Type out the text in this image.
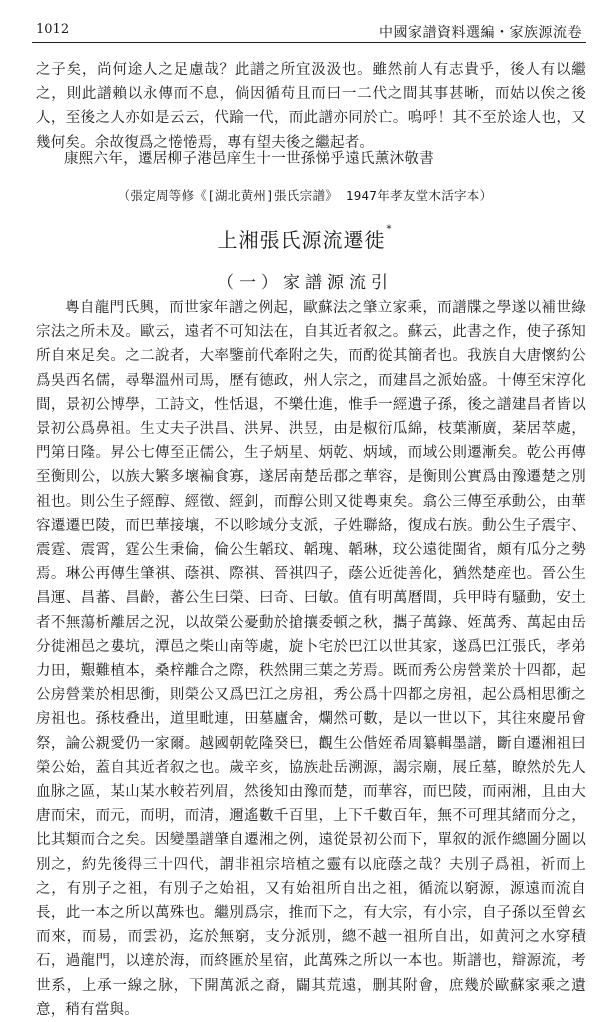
1012	中國家譜資料選編・家族源流卷

之子矣，尚何途人之足慮哉？此譜之所宜汲汲也。雖然前人有志貴乎，後人有以繼之，則此譜賴以永傳而不息，倘因循苟且而曰一二代之間其事甚晰，而姑以俟之後人，至後之人亦如是云云，代踰一代，而此譜亦同於亡。嗚呼！其不至於途人也，又幾何矣。余故復爲之惓惓焉，專有望夫後之繼起者。

康熙六年，遷居柳子港邑庠生十一世孫悌乎遠氏薰沐敬書
（張定周等修《[湖北黄州]張氏宗譜》 1947年孝友堂木活字本）
上湘張氏源流遷徙*
（一）家譜源流引

粵自龍門氏興，而世家年譜之例起，歐蘇法之肇立家乘，而譜牒之學遂以補世綠宗法之所未及。歐云，遠者不可知法在，自其近者叙之。蘇云，此書之作，使子孫知所自來足矣。之二說者，大率鑒前代牽附之失，而酌從其簡者也。我族自大唐懷約公爲吳西名儒，尋舉溫州司馬，歷有德政，州人宗之，而建昌之派始盛。十傳至宋淳化間，景初公博學，工詩文，性恬退，不樂仕進，惟手一經遺子孫，後之譜建昌者皆以景初公爲鼻祖。生丈夫子洪昌、洪昇、洪昱，由是椒衍瓜綿，枝葉漸廣，棻居萃處，門第日隆。昇公七傳至正儒公，生子炳星、炳乾、炳域，而域公則遷漸矣。乾公再傳至衡則公，以族大繁多壞褊食寡，遂居南楚岳郡之華容，是衡則公實爲由豫遷楚之別祖也。則公生子經醇、經徵、經釗，而醇公則又徙粵東矣。翕公三傳至承動公，由華容遷遷巴陵，而巴華接壤，不以畛域分支派，子姓聯絡，復成右族。動公生子震宇、震霆、震霄，霆公生秉倫，倫公生韜玟、韜瑰、韜琳，玟公遠徙閩省，頗有瓜分之勢焉。琳公再傳生肇祺、蔭祺、際祺、晉祺四子，蔭公近徙善化，猶然楚産也。晉公生昌運、昌蕃、昌齡，蕃公生曰榮、曰奇、曰敏。值有明萬曆間，兵甲時有騷動，安土者不無蕩析離居之況，以故榮公憂動於搶攘委頓之秋，攜子萬錄、姪萬秀、萬起由岳分徙湘邑之婁坑，潭邑之柴山南等處，旋卜宅於巴江以世其家，遂爲巴江張氏，孝弟力田，艱難植本，桑梓離合之際，秩然開三葉之芳焉。既而秀公房營業於十四都，起公房營業於相思衝，則榮公又爲巴江之房祖，秀公爲十四都之房祖，起公爲相思衝之房祖也。孫枝叠出，道里毗連，田墓廬舍，爛然可數，是以一世以下，其往來慶吊會祭，論公親愛仍一家爾。越國朝乾隆癸巳，觀生公偕姪希周纂輯墨譜，斷自遷湘祖曰榮公始，蓋自其近者叙之也。歲辛亥，協族赴岳溯源，謁宗廟，展丘墓，瞭然於先人血脉之區，某山某水較若列眉，然後知由豫而楚，而華容，而巴陵，而兩湘，且由大唐而宋，而元，而明，而清，邇遙數千百里，上下千數百年，無不可理其緒而分之，比其類而合之矣。因變墨譜肇自遷湘之例，遠從景初公而下，單叙的派作總圖分圖以別之，約先後得三十四代，謂非祖宗培植之靈有以庇蔭之哉？夫別子爲祖，祈而上之，有別子之祖，有別子之始祖，又有始祖所自出之祖，循流以窮源，源遠而流自長，此一本之所以萬殊也。繼別爲宗，推而下之，有大宗，有小宗，自子孫以至曾玄而來，而易，而雲礽，迄於無窮，支分派別，總不越一祖所自出，如黄河之水穿積石，過龍門，以達於海，而終匯於星宿，此萬殊之所以一本也。斯譜也，辯源流，考世系，上承一線之脉，下開萬派之裔，闢其荒遠，删其附會，庶幾於歐蘇家乘之遺意，稍有當與。
